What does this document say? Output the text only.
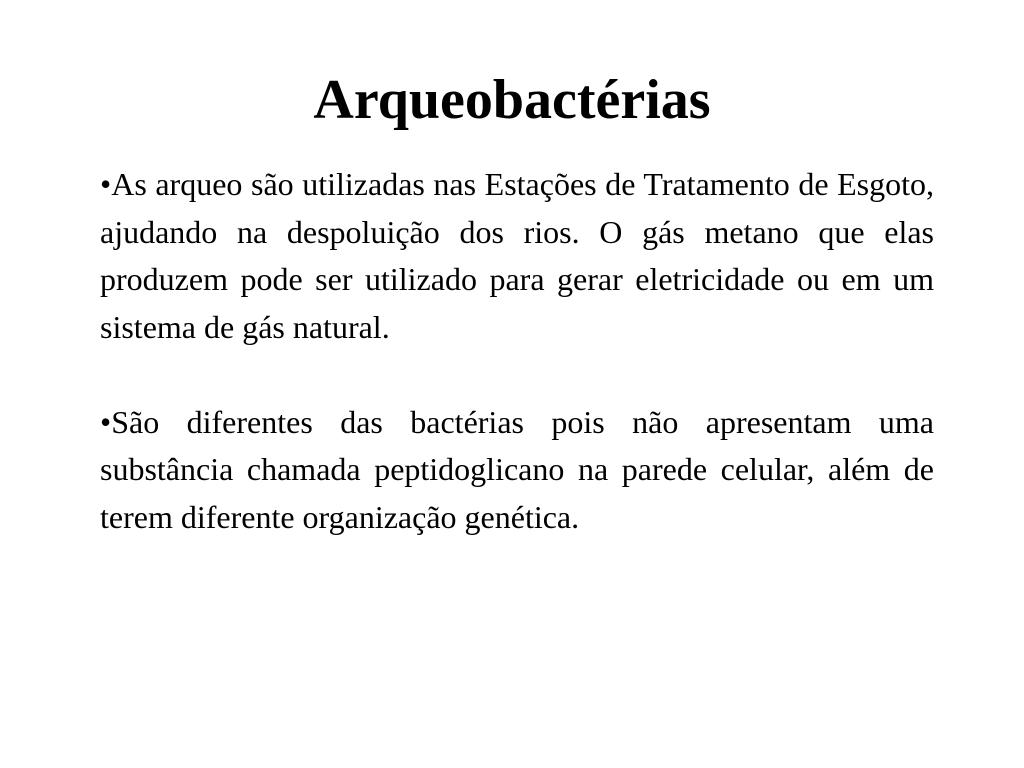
Arqueobactérias

•As arqueo são utilizadas nas Estações de Tratamento de Esgoto, ajudando na despoluição dos rios. O gás metano que elas produzem pode ser utilizado para gerar eletricidade ou em um sistema de gás natural.

•São diferentes das bactérias pois não apresentam uma substância chamada peptidoglicano na parede celular, além de terem diferente organização genética.
